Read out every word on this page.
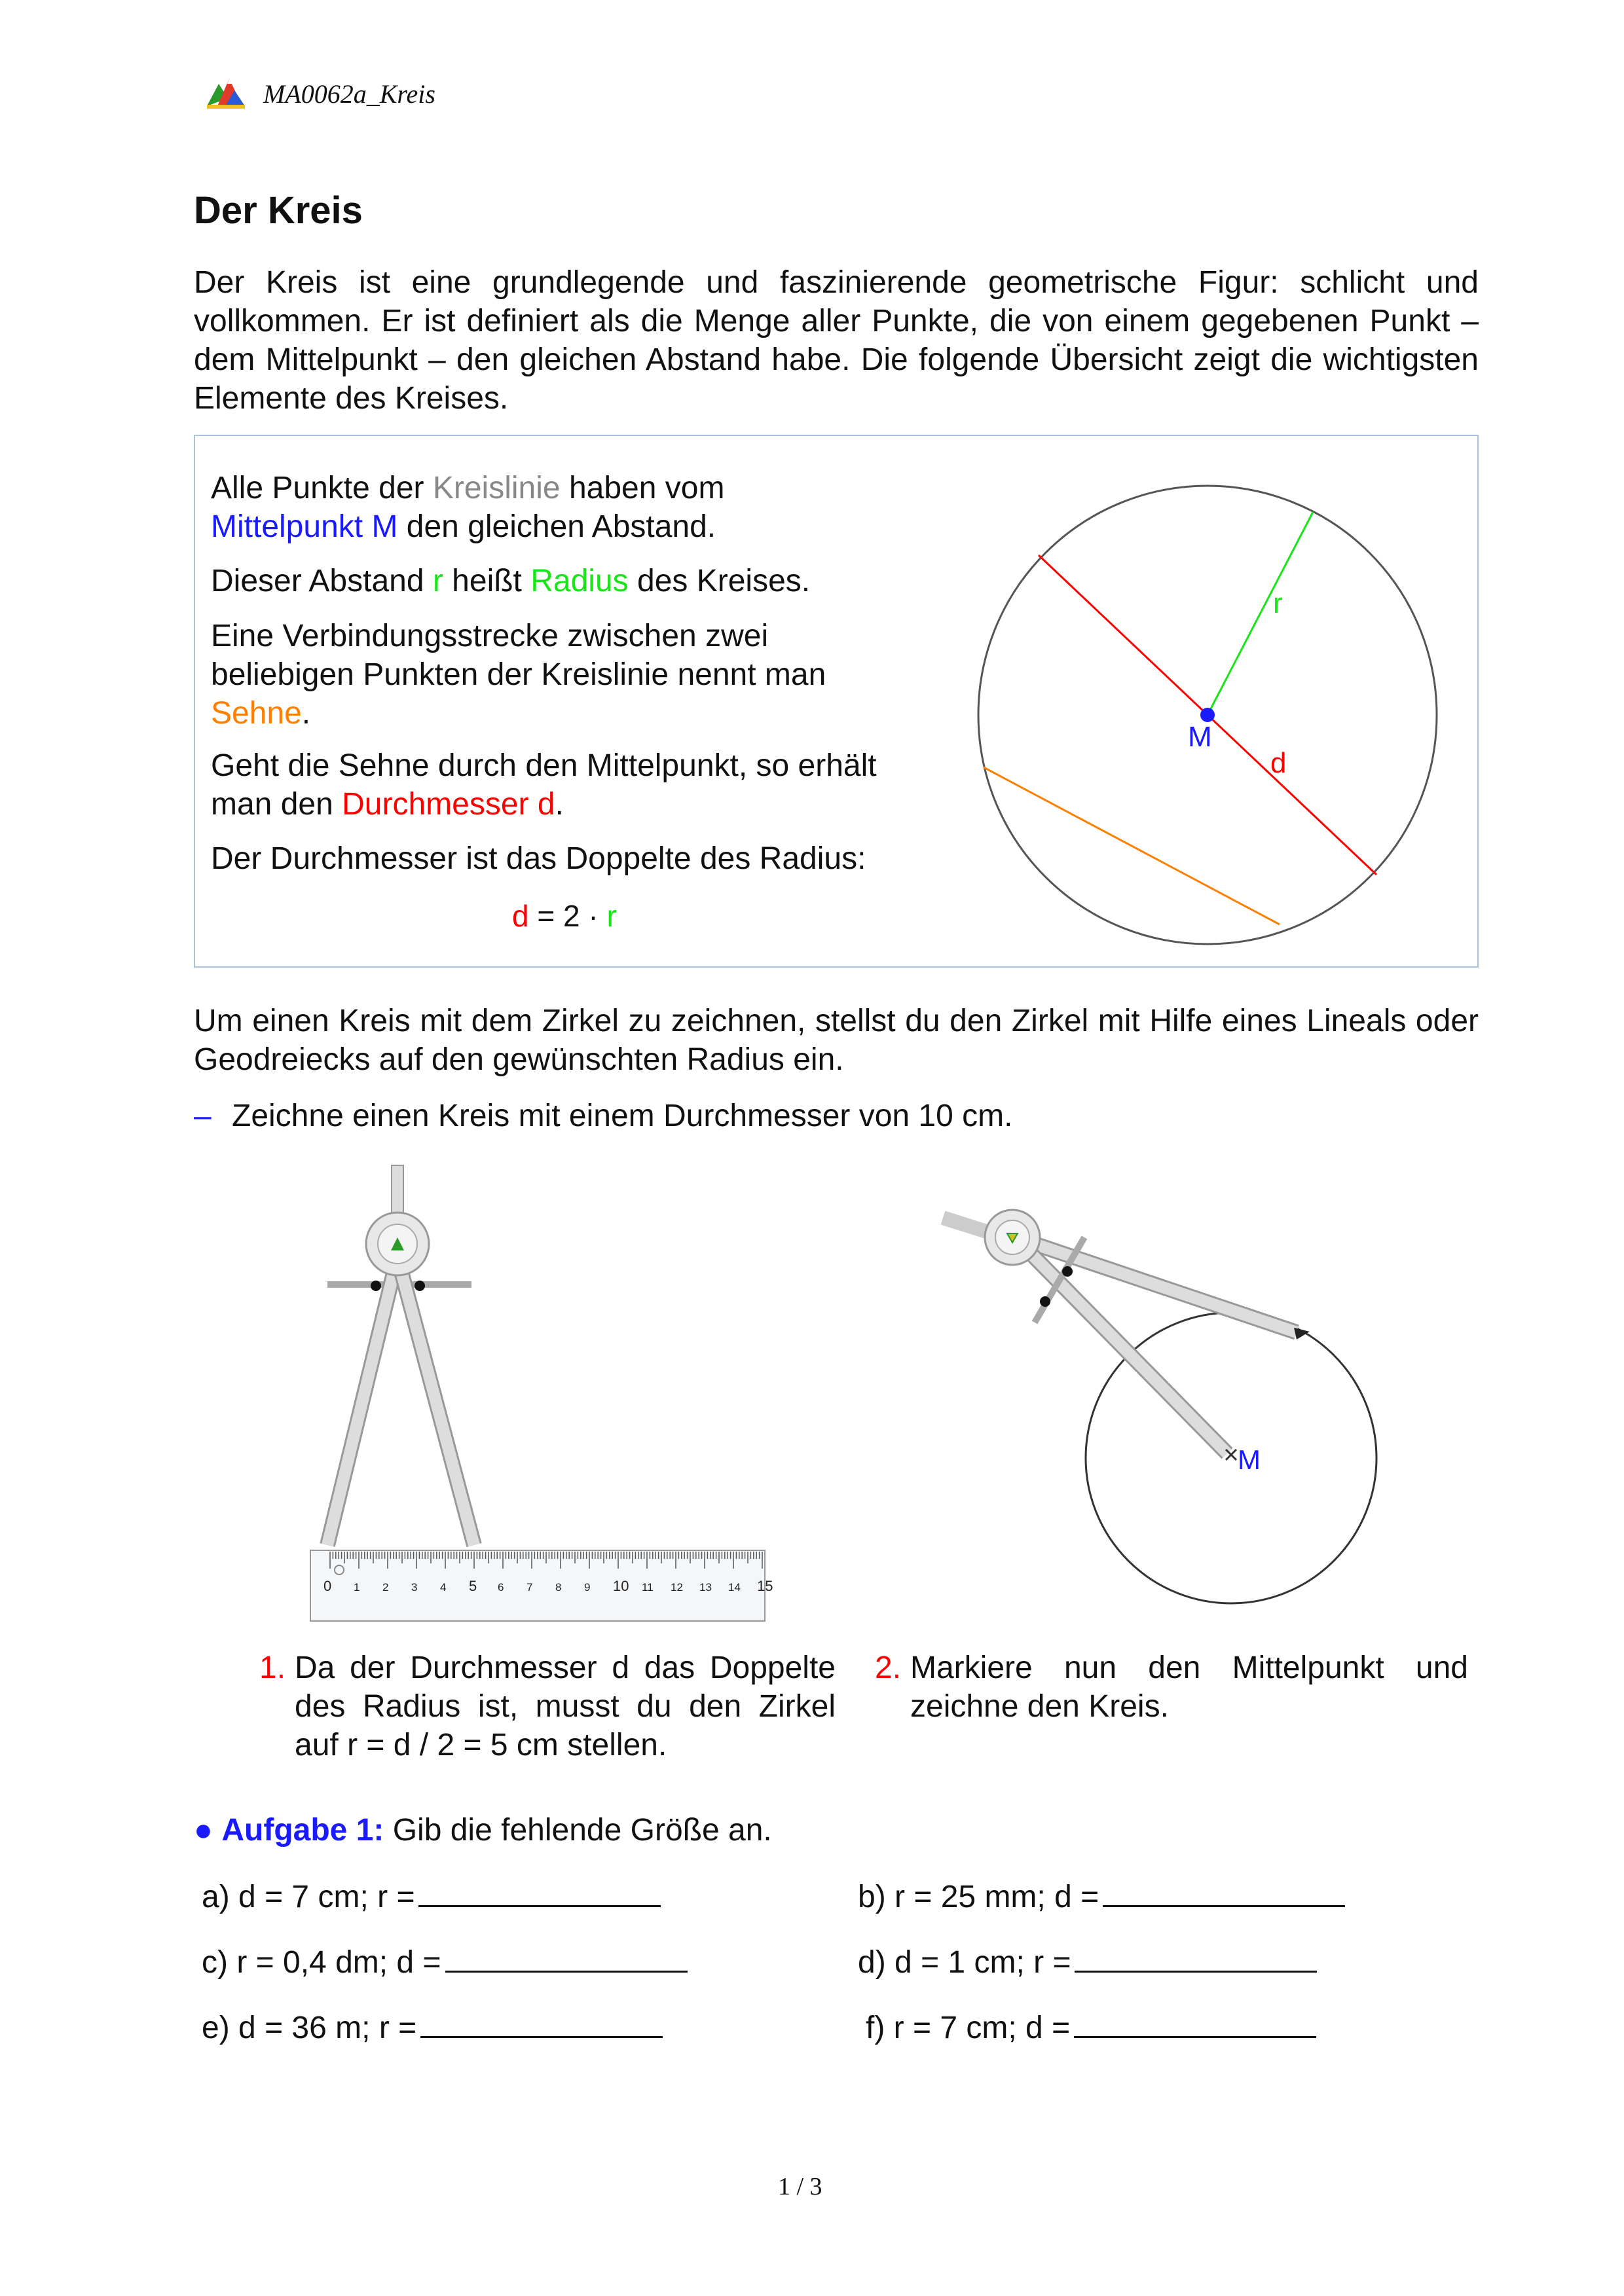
MA0062a_Kreis
Der Kreis
Der Kreis ist eine grundlegende und faszinierende geometrische Figur: schlicht und vollkommen. Er ist definiert als die Menge aller Punkte, die von einem gegebenen Punkt – dem Mittelpunkt – den gleichen Abstand habe. Die folgende Übersicht zeigt die wichtigsten Elemente des Kreises.
Alle Punkte der Kreislinie haben vom
Mittelpunkt M den gleichen Abstand.
Dieser Abstand r heißt Radius des Kreises.
Eine Verbindungsstrecke zwischen zwei
beliebigen Punkten der Kreislinie nennt man
Sehne.
Geht die Sehne durch den Mittelpunkt, so erhält
man den Durchmesser d.
Der Durchmesser ist das Doppelte des Radius:
d = 2 · r
r
M
d
Um einen Kreis mit dem Zirkel zu zeichnen, stellst du den Zirkel mit Hilfe eines Lineals oder Geodreiecks auf den gewünschten Radius ein.
– Zeichne einen Kreis mit einem Durchmesser von 10 cm.
0 1 2 3 4 5 6 7 8 9 10 11 12 13 14 15
M
1. Da der Durchmesser d das Doppelte des Radius ist, musst du den Zirkel auf r = d / 2 = 5 cm stellen.
2. Markiere nun den Mittelpunkt und zeichne den Kreis.
● Aufgabe 1: Gib die fehlende Größe an.
a) d = 7 cm; r =	b) r = 25 mm; d =
c) r = 0,4 dm; d =	d) d = 1 cm; r =
e) d = 36 m; r =	f) r = 7 cm; d =
1 / 3
